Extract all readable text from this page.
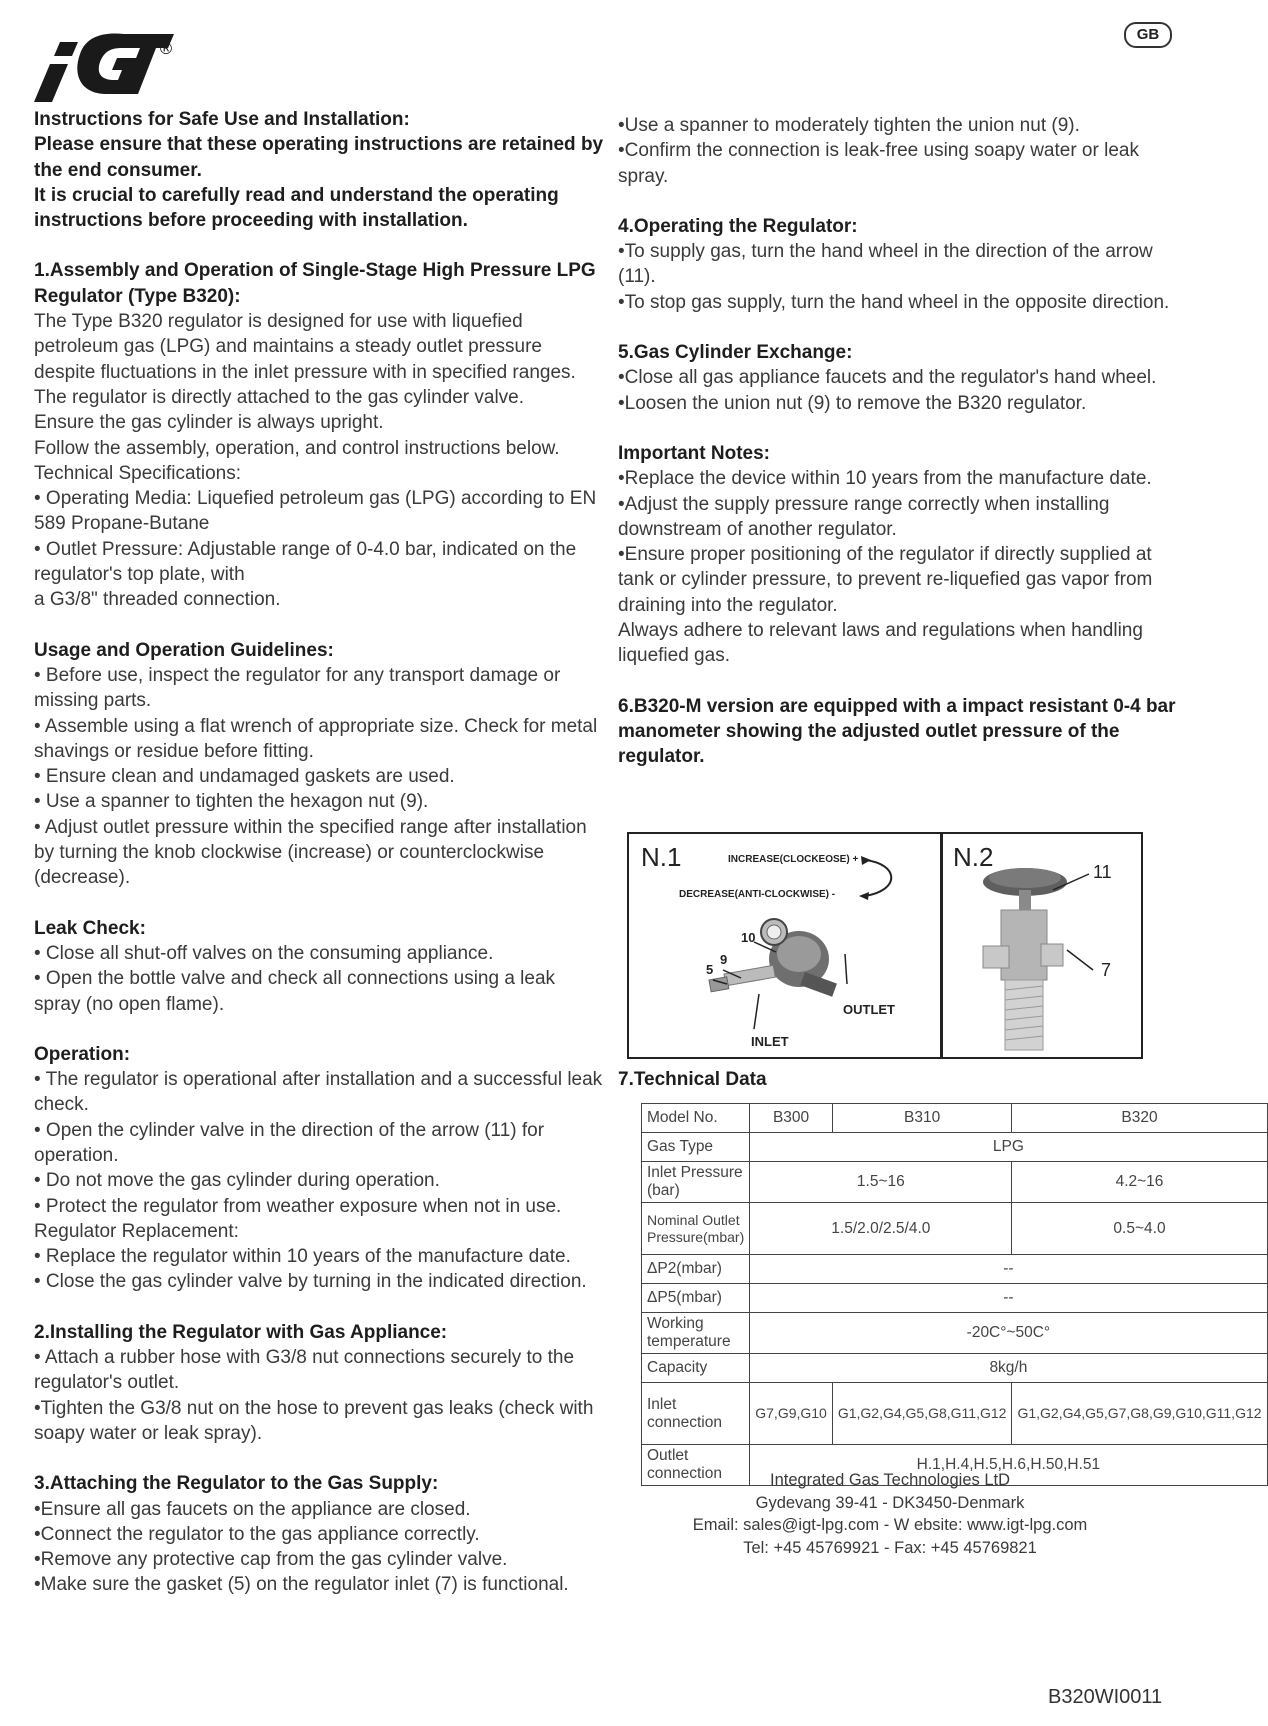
®
GB

Instructions for Safe Use and Installation:

Please ensure that these operating instructions are retained by the end consumer.

It is crucial to carefully read and understand the operating instructions before proceeding with installation.

1.Assembly and Operation of Single-Stage High Pressure LPG Regulator (Type B320):

The Type B320 regulator is designed for use with liquefied petroleum gas (LPG) and maintains a steady outlet pressure despite fluctuations in the inlet pressure with in specified ranges.

The regulator is directly attached to the gas cylinder valve.

Ensure the gas cylinder is always upright.

Follow the assembly, operation, and control instructions below.

Technical Specifications:

• Operating Media: Liquefied petroleum gas (LPG) according to EN 589 Propane-Butane

• Outlet Pressure: Adjustable range of 0-4.0 bar, indicated on the regulator's top plate, with

a G3/8" threaded connection.

Usage and Operation Guidelines:

• Before use, inspect the regulator for any transport damage or missing parts.

• Assemble using a flat wrench of appropriate size. Check for metal shavings or residue before fitting.

• Ensure clean and undamaged gaskets are used.

• Use a spanner to tighten the hexagon nut (9).

• Adjust outlet pressure within the specified range after installation by turning the knob clockwise (increase) or counterclockwise (decrease).

Leak Check:

• Close all shut-off valves on the consuming appliance.

• Open the bottle valve and check all connections using a leak spray (no open flame).

Operation:

• The regulator is operational after installation and a successful leak check.

• Open the cylinder valve in the direction of the arrow (11) for operation.

• Do not move the gas cylinder during operation.

• Protect the regulator from weather exposure when not in use.

Regulator Replacement:

• Replace the regulator within 10 years of the manufacture date.

• Close the gas cylinder valve by turning in the indicated direction.

2.Installing the Regulator with Gas Appliance:

• Attach a rubber hose with G3/8 nut connections securely to the regulator's outlet.

•Tighten the G3/8 nut on the hose to prevent gas leaks (check with soapy water or leak spray).

3.Attaching the Regulator to the Gas Supply:

•Ensure all gas faucets on the appliance are closed.

•Connect the regulator to the gas appliance correctly.

•Remove any protective cap from the gas cylinder valve.

•Make sure the gasket (5) on the regulator inlet (7) is functional.

•Use a spanner to moderately tighten the union nut (9).

•Confirm the connection is leak-free using soapy water or leak spray.

4.Operating the Regulator:

•To supply gas, turn the hand wheel in the direction of the arrow (11).

•To stop gas supply, turn the hand wheel in the opposite direction.

5.Gas Cylinder Exchange:

•Close all gas appliance faucets and the regulator's hand wheel.

•Loosen the union nut (9) to remove the B320 regulator.

Important Notes:

•Replace the device within 10 years from the manufacture date.

•Adjust the supply pressure range correctly when installing downstream of another regulator.

•Ensure proper positioning of the regulator if directly supplied at tank or cylinder pressure, to prevent re-liquefied gas vapor from draining into the regulator.

Always adhere to relevant laws and regulations when handling liquefied gas.

6.B320-M version are equipped with a impact resistant 0-4 bar manometer showing the adjusted outlet pressure of the regulator.

N.1	N.2
INCREASE(CLOCKEOSE) +
DECREASE(ANTI-CLOCKWISE) -
10
9
5
INLET
OUTLET
11
7

7.Technical Data

Model No.	B300	B310	B320
Gas Type	LPG		
Inlet Pressure (bar)	1.5~16		4.2~16
Nominal Outlet Pressure(mbar)	1.5/2.0/2.5/4.0		0.5~4.0
ΔP2(mbar)	--		
ΔP5(mbar)	--		
Working temperature	-20C°~50C°		
Capacity	8kg/h		
Inlet connection	G7,G9,G10	G1,G2,G4,G5,G8,G11,G12	G1,G2,G4,G5,G7,G8,G9,G10,G11,G12
Outlet connection	H.1,H.4,H.5,H.6,H.50,H.51		
Integrated Gas Technologies LtD
Gydevang 39-41 - DK3450-Denmark
Email: sales@igt-lpg.com - W ebsite: www.igt-lpg.com
Tel: +45 45769921 - Fax: +45 45769821
B320WI0011
